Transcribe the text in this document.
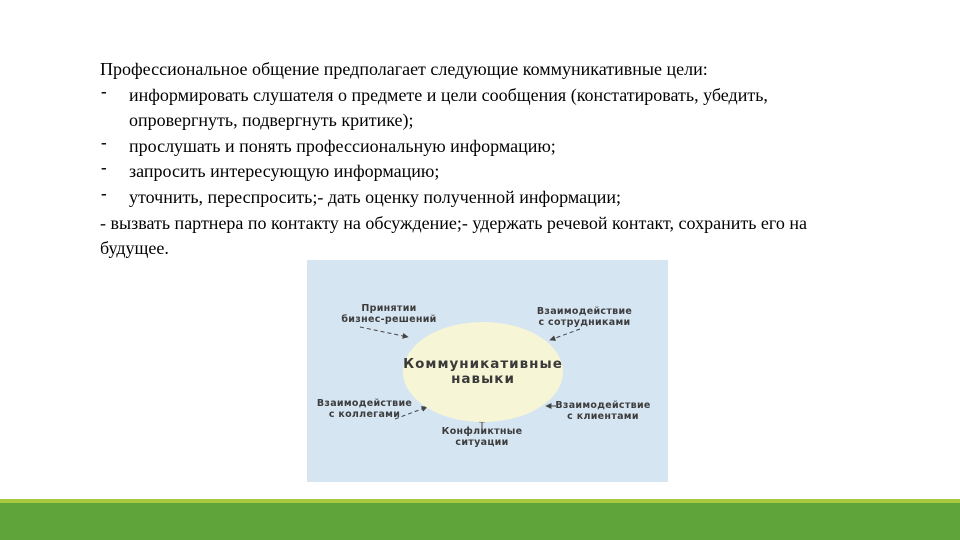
Профессиональное общение предполагает следующие коммуникативные цели:

- информировать слушателя о предмете и цели сообщения (констатировать, убедить, опровергнуть, подвергнуть критике);
- прослушать и понять профессиональную информацию;
- запросить интересующую информацию;
- уточнить, переспросить;- дать оценку полученной информации;

- вызвать партнера по контакту на обсуждение;- удержать речевой контакт, сохранить его на будущее.

Коммуникативные
навыки
Принятии
бизнес-решений
Взаимодействие
с сотрудниками
Взаимодействие
с коллегами
Взаимодействие
с клиентами
Конфликтные
ситуации
